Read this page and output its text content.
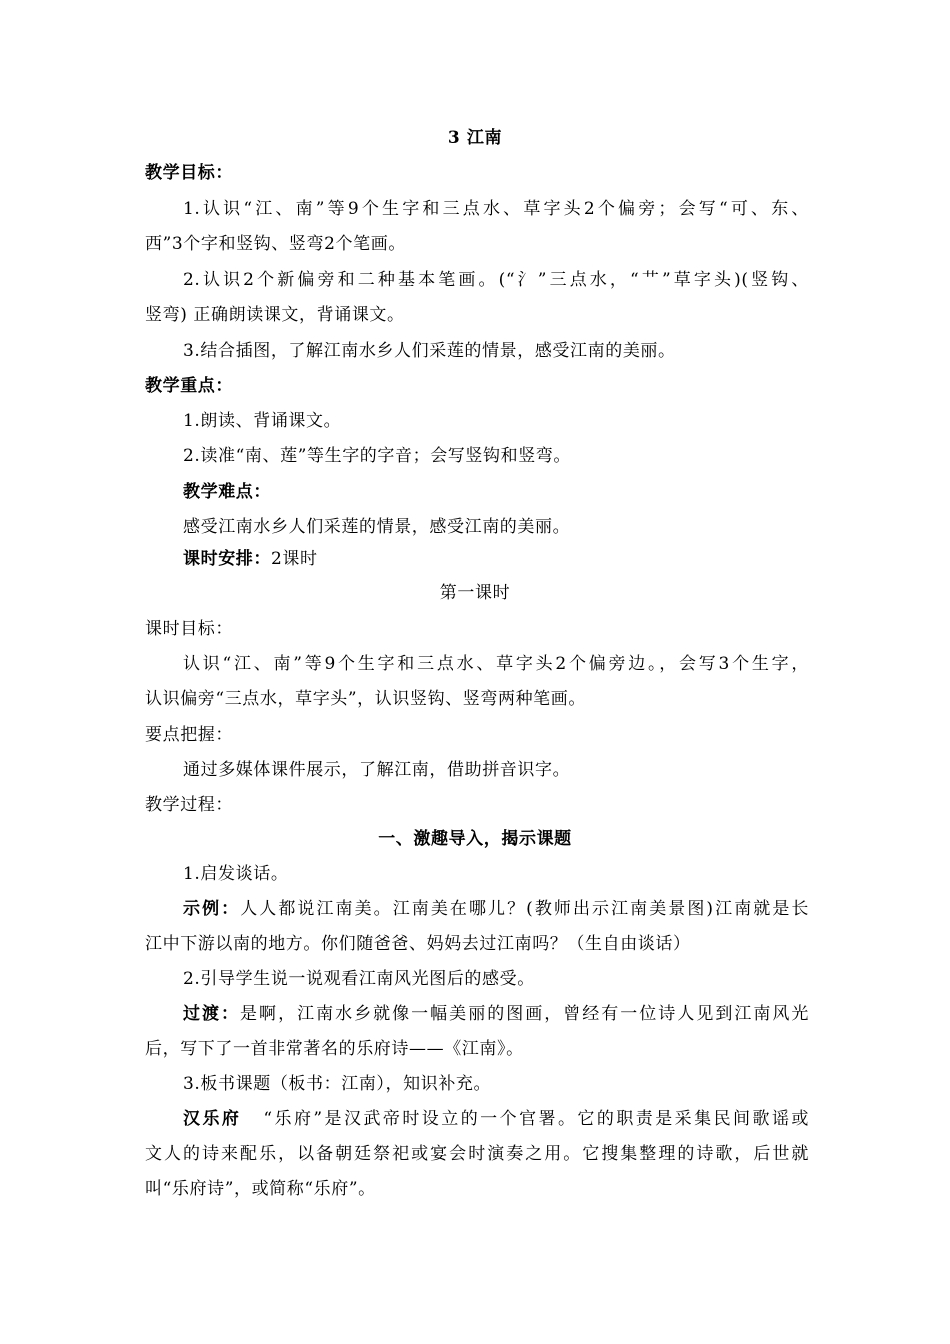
3 江南
教学目标：
1.认识“江、南”等9个生字和三点水、草字头2个偏旁；会写“可、东、
西”3个字和竖钩、竖弯2个笔画。
2.认识2个新偏旁和二种基本笔画。(“氵”三点水，“艹”草字头)(竖钩、
竖弯) 正确朗读课文，背诵课文。
3.结合插图，了解江南水乡人们采莲的情景，感受江南的美丽。
教学重点：
1.朗读、背诵课文。
2.读准“南、莲”等生字的字音；会写竖钩和竖弯。
教学难点：
感受江南水乡人们采莲的情景，感受江南的美丽。
课时安排：2课时
第一课时
课时目标：
认识“江、南”等9个生字和三点水、草字头2个偏旁边。，会写3个生字，
认识偏旁“三点水，草字头”，认识竖钩、竖弯两种笔画。
要点把握：
通过多媒体课件展示，了解江南，借助拼音识字。
教学过程：
一、激趣导入，揭示课题
1.启发谈话。
示例：人人都说江南美。江南美在哪儿？(教师出示江南美景图)江南就是长
江中下游以南的地方。你们随爸爸、妈妈去过江南吗？（生自由谈话）
2.引导学生说一说观看江南风光图后的感受。
过渡：是啊，江南水乡就像一幅美丽的图画，曾经有一位诗人见到江南风光
后，写下了一首非常著名的乐府诗——《江南》。
3.板书课题（板书：江南），知识补充。
汉乐府 “乐府”是汉武帝时设立的一个官署。它的职责是采集民间歌谣或
文人的诗来配乐，以备朝廷祭祀或宴会时演奏之用。它搜集整理的诗歌，后世就
叫“乐府诗”，或简称“乐府”。
